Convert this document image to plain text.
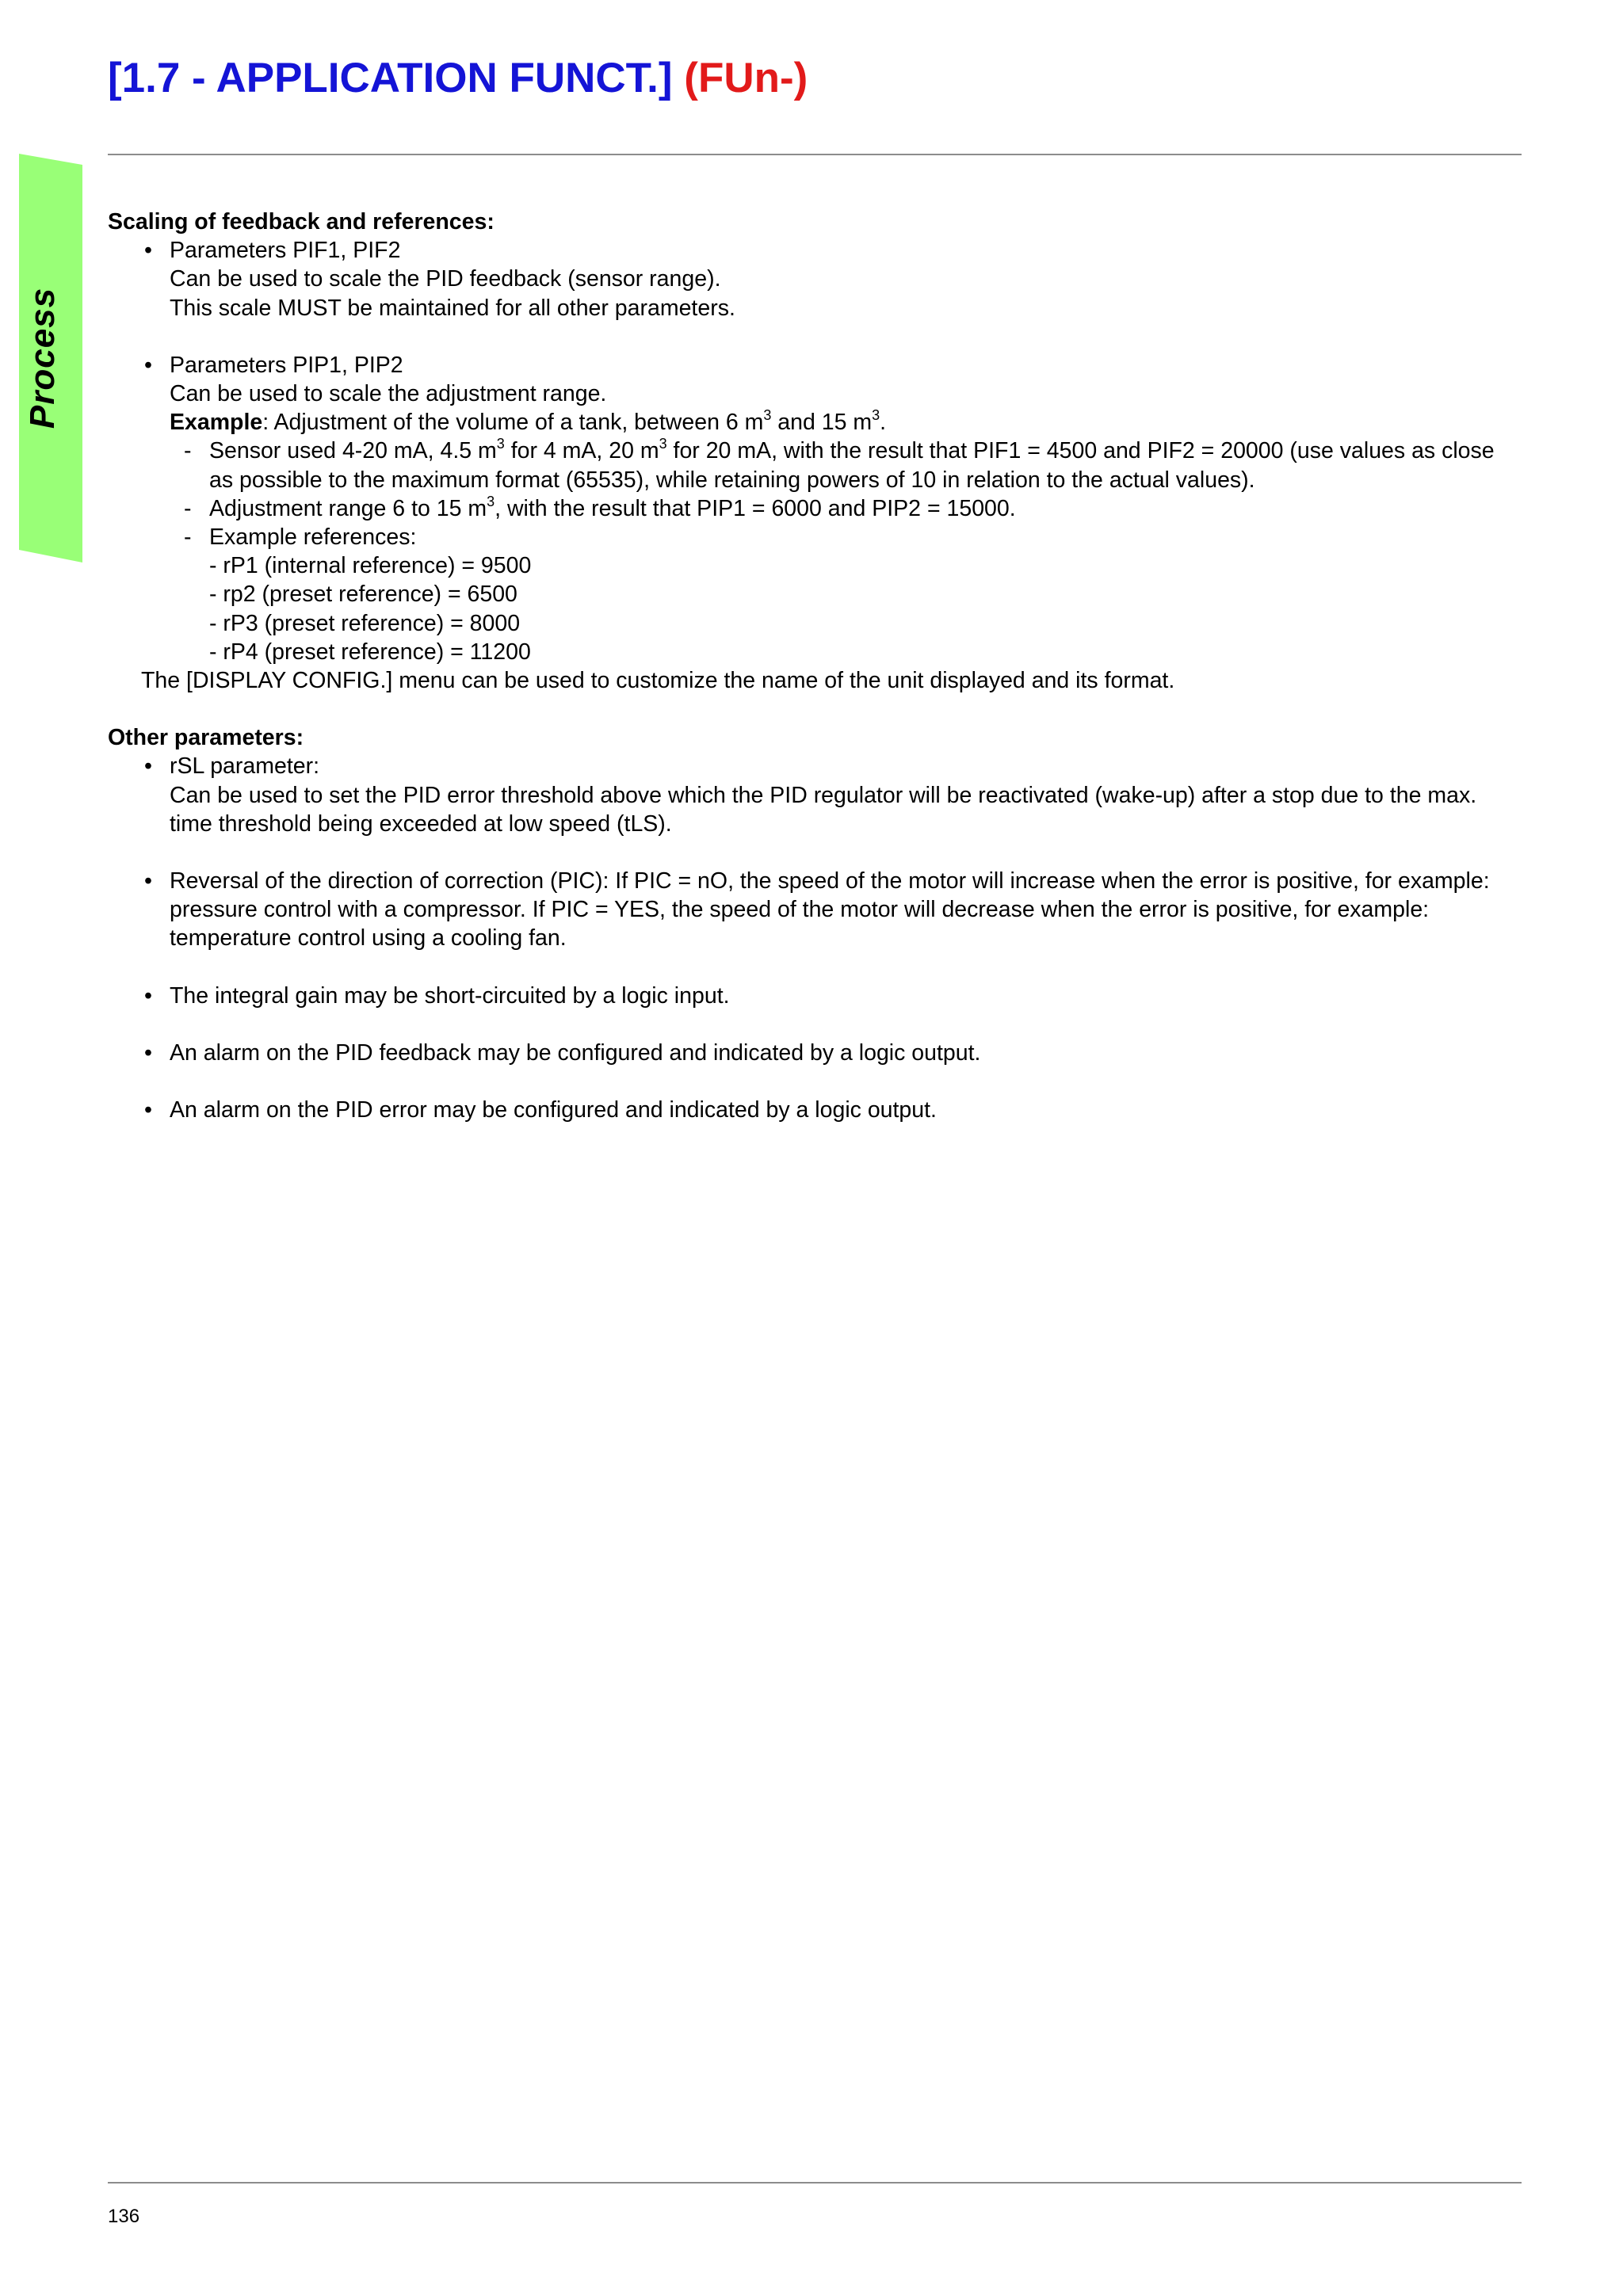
[1.7 - APPLICATION FUNCT.] (FUn-)
Process

Scaling of feedback and references:

• Parameters PIF1, PIF2

Can be used to scale the PID feedback (sensor range).

This scale MUST be maintained for all other parameters.

• Parameters PIP1, PIP2

Can be used to scale the adjustment range.

Example: Adjustment of the volume of a tank, between 6 $m^3$ and 15 $m^3$.

- Sensor used 4-20 mA, 4.5 $m^3$ for 4 mA, 20 $m^3$ for 20 mA, with the result that PIF1 = 4500 and PIF2 = 20000 (use values as close as possible to the maximum format (65535), while retaining powers of 10 in relation to the actual values).

- Adjustment range 6 to 15 $m^3$, with the result that PIP1 = 6000 and PIP2 = 15000.

- Example references:

- rP1 (internal reference) = 9500

- rp2 (preset reference) = 6500

- rP3 (preset reference) = 8000

- rP4 (preset reference) = 11200

The [DISPLAY CONFIG.] menu can be used to customize the name of the unit displayed and its format.

Other parameters:

• rSL parameter:

Can be used to set the PID error threshold above which the PID regulator will be reactivated (wake-up) after a stop due to the max. time threshold being exceeded at low speed (tLS).

• Reversal of the direction of correction (PIC): If PIC = nO, the speed of the motor will increase when the error is positive, for example: pressure control with a compressor. If PIC = YES, the speed of the motor will decrease when the error is positive, for example: temperature control using a cooling fan.

• The integral gain may be short-circuited by a logic input.

• An alarm on the PID feedback may be configured and indicated by a logic output.

• An alarm on the PID error may be configured and indicated by a logic output.

136
